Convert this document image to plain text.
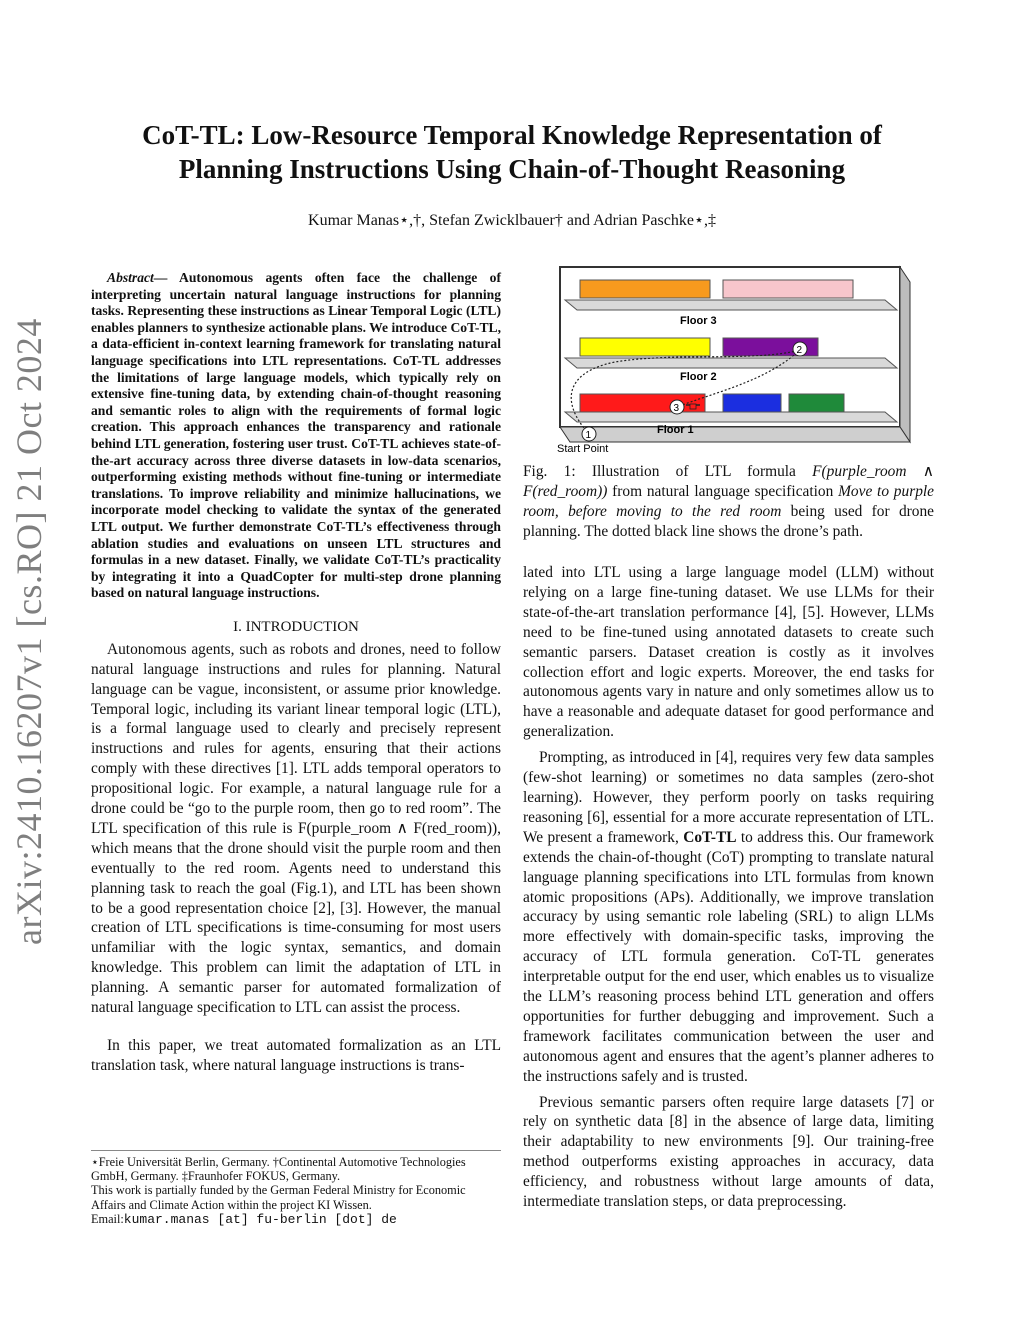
arXiv:2410.16207v1 [cs.RO] 21 Oct 2024
CoT-TL: Low-Resource Temporal Knowledge Representation of
Planning Instructions Using Chain-of-Thought Reasoning
Kumar Manas⋆,†, Stefan Zwicklbauer† and Adrian Paschke⋆,‡

Abstract— Autonomous agents often face the challenge of interpreting uncertain natural language instructions for planning tasks. Representing these instructions as Linear Temporal Logic (LTL) enables planners to synthesize actionable plans. We introduce CoT-TL, a data-efficient in-context learning framework for translating natural language specifications into LTL representations. CoT-TL addresses the limitations of large language models, which typically rely on extensive fine-tuning data, by extending chain-of-thought reasoning and semantic roles to align with the requirements of formal logic creation. This approach enhances the transparency and rationale behind LTL generation, fostering user trust. CoT-TL achieves state-of-the-art accuracy across three diverse datasets in low-data scenarios, outperforming existing methods without fine-tuning or intermediate translations. To improve reliability and minimize hallucinations, we incorporate model checking to validate the syntax of the generated LTL output. We further demonstrate CoT-TL’s effectiveness through ablation studies and evaluations on unseen LTL structures and formulas in a new dataset. Finally, we validate CoT-TL’s practicality by integrating it into a QuadCopter for multi-step drone planning based on natural language instructions.

I. INTRODUCTION

Autonomous agents, such as robots and drones, need to follow natural language instructions and rules for planning. Natural language can be vague, inconsistent, or assume prior knowledge. Temporal logic, including its variant linear temporal logic (LTL), is a formal language used to clearly and precisely represent instructions and rules for agents, ensuring that their actions comply with these directives [1]. LTL adds temporal operators to propositional logic. For example, a natural language rule for a drone could be “go to the purple room, then go to red room”. The LTL specification of this rule is F(purple_room ∧ F(red_room)), which means that the drone should visit the purple room and then eventually to the red room. Agents need to understand this planning task to reach the goal (Fig.1), and LTL has been shown to be a good representation choice [2], [3]. However, the manual creation of LTL specifications is time-consuming for most users unfamiliar with the logic syntax, semantics, and domain knowledge. This problem can limit the adaptation of LTL in planning. A semantic parser for automated formalization of natural language specification to LTL can assist the process.

In this paper, we treat automated formalization as an LTL translation task, where natural language instructions is trans-

⋆Freie Universität Berlin, Germany. †Continental Automotive Technologies GmbH, Germany. ‡Fraunhofer FOKUS, Germany.
This work is partially funded by the German Federal Ministry for Economic Affairs and Climate Action within the project KI Wissen.
Email:kumar.manas [at] fu-berlin [dot] de
Floor 3
Floor 2
Floor 1
2
3
1
Start Point
Fig. 1: Illustration of LTL formula F(purple_room ∧ F(red_room)) from natural language specification Move to purple room, before moving to the red room being used for drone planning. The dotted black line shows the drone’s path.

lated into LTL using a large language model (LLM) without relying on a large fine-tuning dataset. We use LLMs for their state-of-the-art translation performance [4], [5]. However, LLMs need to be fine-tuned using annotated datasets to create such semantic parsers. Dataset creation is costly as it involves collection effort and logic experts. Moreover, the end tasks for autonomous agents vary in nature and only sometimes allow us to have a reasonable and adequate dataset for good performance and generalization.

Prompting, as introduced in [4], requires very few data samples (few-shot learning) or sometimes no data samples (zero-shot learning). However, they perform poorly on tasks requiring reasoning [6], essential for a more accurate representation of LTL. We present a framework, CoT-TL to address this. Our framework extends the chain-of-thought (CoT) prompting to translate natural language planning specifications into LTL formulas from known atomic propositions (APs). Additionally, we improve translation accuracy by using semantic role labeling (SRL) to align LLMs more effectively with domain-specific tasks, improving the accuracy of LTL formula generation. CoT-TL generates interpretable output for the end user, which enables us to visualize the LLM’s reasoning process behind LTL generation and offers opportunities for further debugging and improvement. Such a framework facilitates communication between the user and autonomous agent and ensures that the agent’s planner adheres to the instructions safely and is trusted.

Previous semantic parsers often require large datasets [7] or rely on synthetic data [8] in the absence of large data, limiting their adaptability to new environments [9]. Our training-free method outperforms existing approaches in accuracy, data efficiency, and robustness without large amounts of data, intermediate translation steps, or data preprocessing.
